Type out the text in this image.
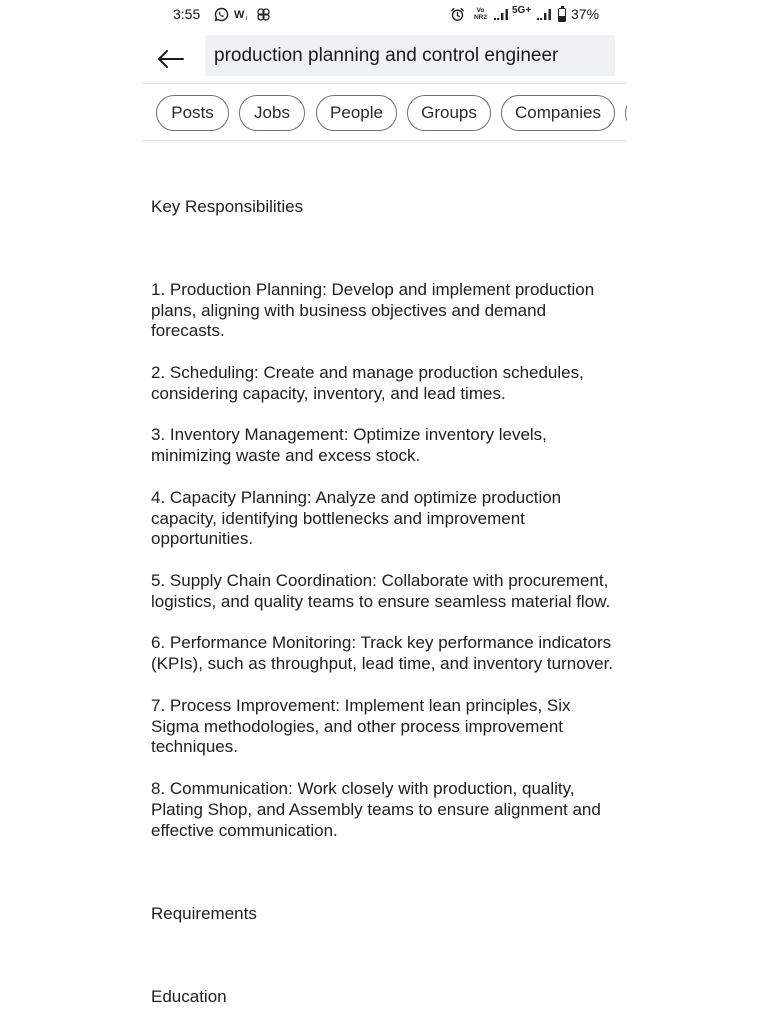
3:55	W i
Vo
NR2
5G+	37%
production planning and control engineer
Posts	Jobs	People	Groups	Companies
Key Responsibilities
1. Production Planning: Develop and implement production
plans, aligning with business objectives and demand
forecasts.
2. Scheduling: Create and manage production schedules,
considering capacity, inventory, and lead times.
3. Inventory Management: Optimize inventory levels,
minimizing waste and excess stock.
4. Capacity Planning: Analyze and optimize production
capacity, identifying bottlenecks and improvement
opportunities.
5. Supply Chain Coordination: Collaborate with procurement,
logistics, and quality teams to ensure seamless material flow.
6. Performance Monitoring: Track key performance indicators
(KPIs), such as throughput, lead time, and inventory turnover.
7. Process Improvement: Implement lean principles, Six
Sigma methodologies, and other process improvement
techniques.
8. Communication: Work closely with production, quality,
Plating Shop, and Assembly teams to ensure alignment and
effective communication.
Requirements
Education
